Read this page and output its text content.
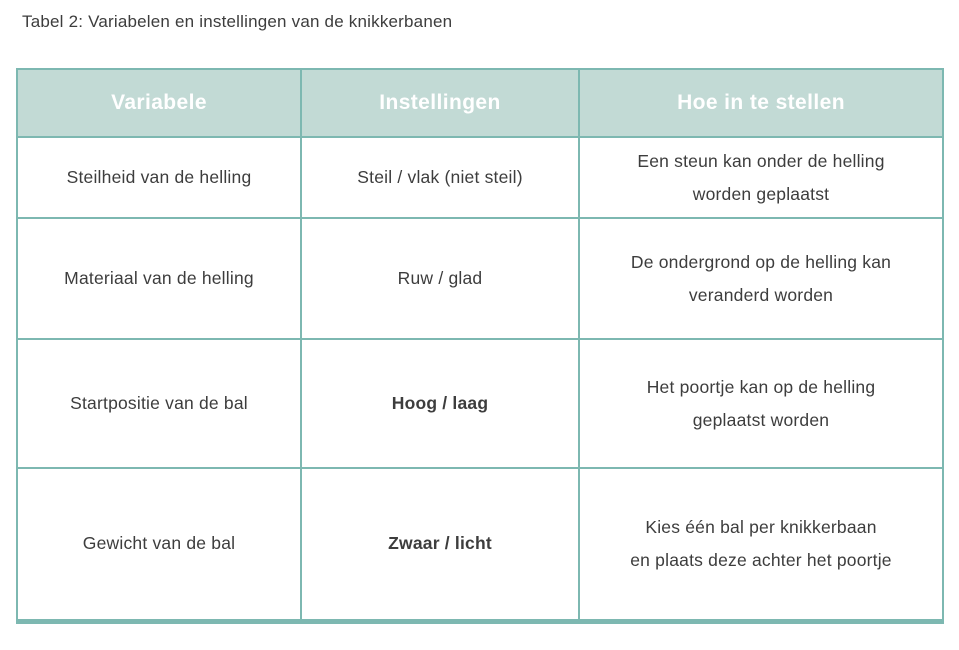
Tabel 2: Variabelen en instellingen van de knikkerbanen
Variabele	Instellingen	Hoe in te stellen
Steilheid van de helling	Steil / vlak (niet steil)	Een steun kan onder de helling
worden geplaatst

Materiaal van de helling	Ruw / glad	De ondergrond op de helling kan
veranderd worden

Startpositie van de bal	Hoog / laag	Het poortje kan op de helling
geplaatst worden

Gewicht van de bal	Zwaar / licht	Kies één bal per knikkerbaan
en plaats deze achter het poortje
